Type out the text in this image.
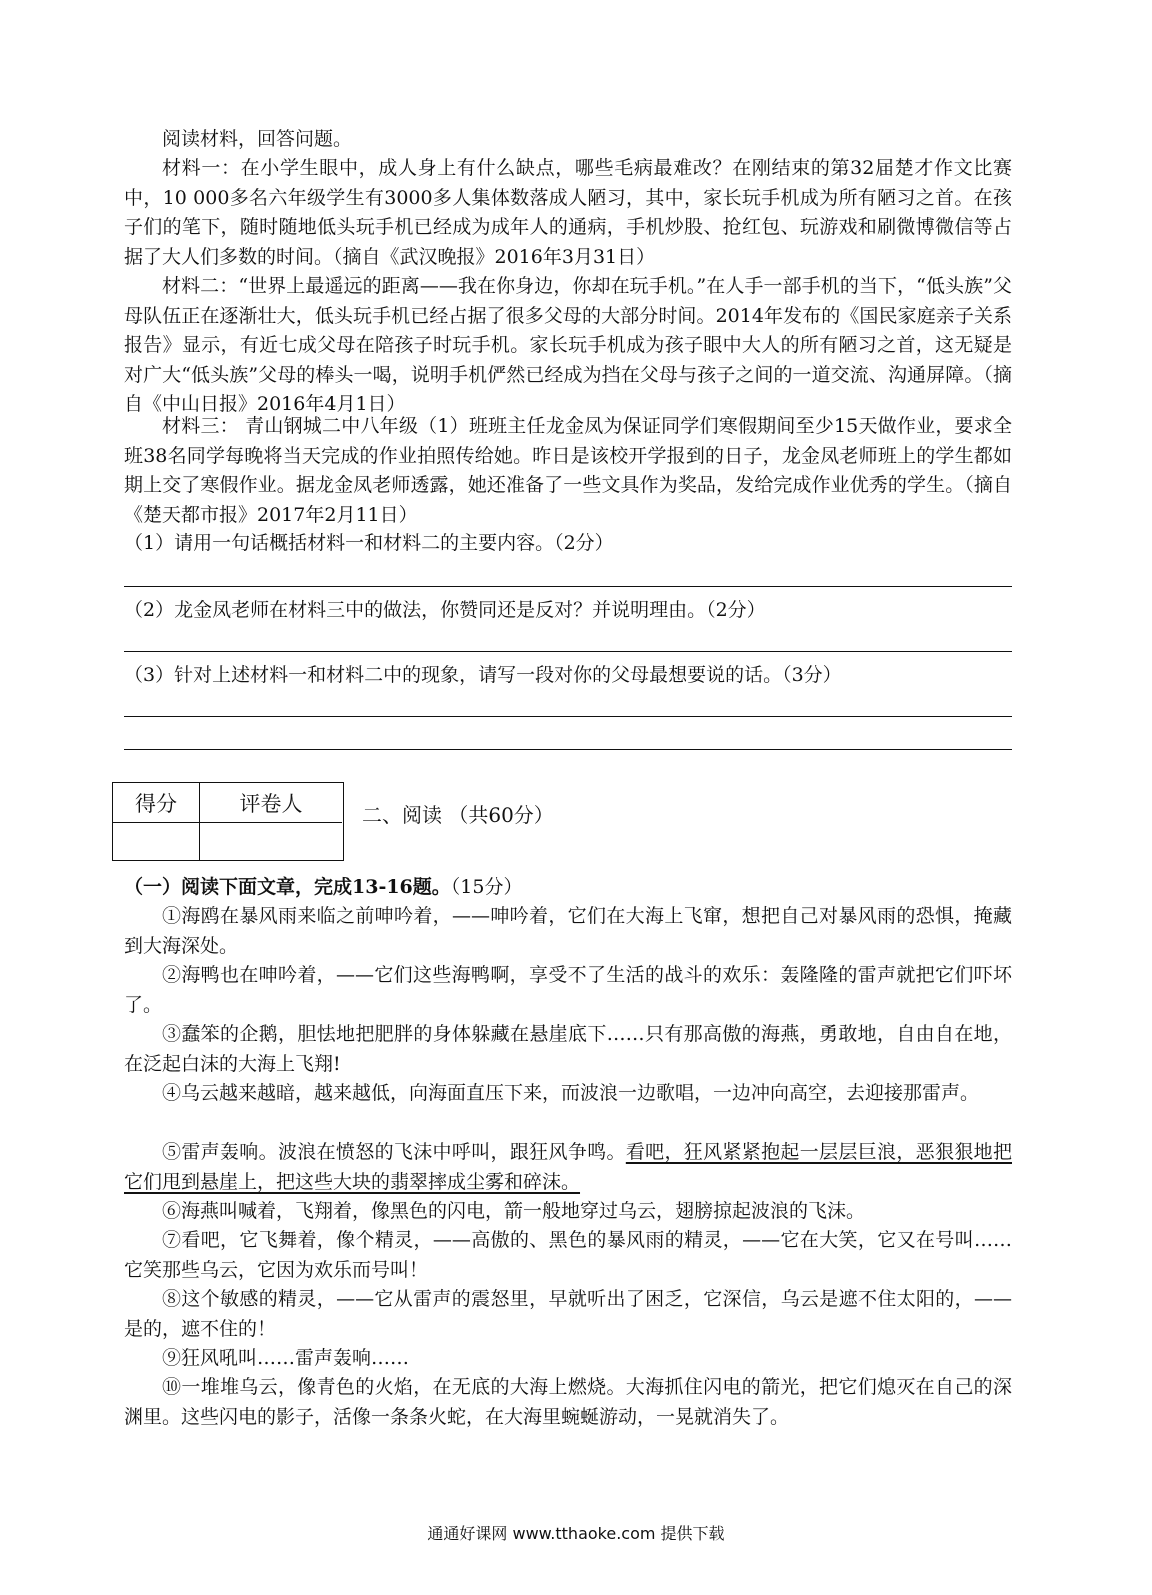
阅读材料，回答问题。

材料一：在小学生眼中，成人身上有什么缺点，哪些毛病最难改？在刚结束的第32届楚才作文比赛中，10 000多名六年级学生有3000多人集体数落成人陋习，其中，家长玩手机成为所有陋习之首。在孩子们的笔下，随时随地低头玩手机已经成为成年人的通病，手机炒股、抢红包、玩游戏和刷微博微信等占据了大人们多数的时间。（摘自《武汉晚报》2016年3月31日）

材料二：“世界上最遥远的距离——我在你身边，你却在玩手机。”在人手一部手机的当下，“低头族”父母队伍正在逐渐壮大，低头玩手机已经占据了很多父母的大部分时间。2014年发布的《国民家庭亲子关系报告》显示，有近七成父母在陪孩子时玩手机。家长玩手机成为孩子眼中大人的所有陋习之首，这无疑是对广大“低头族”父母的棒头一喝，说明手机俨然已经成为挡在父母与孩子之间的一道交流、沟通屏障。（摘自《中山日报》2016年4月1日）

材料三： 青山钢城二中八年级（1）班班主任龙金凤为保证同学们寒假期间至少15天做作业，要求全班38名同学每晚将当天完成的作业拍照传给她。昨日是该校开学报到的日子，龙金凤老师班上的学生都如期上交了寒假作业。据龙金凤老师透露，她还准备了一些文具作为奖品，发给完成作业优秀的学生。（摘自《楚天都市报》2017年2月11日）

（1）请用一句话概括材料一和材料二的主要内容。（2分）

（2）龙金凤老师在材料三中的做法，你赞同还是反对？并说明理由。（2分）

（3）针对上述材料一和材料二中的现象，请写一段对你的父母最想要说的话。（3分）

得分	评卷人	二、阅读 （共60分）

（一）阅读下面文章，完成13-16题。（15分）

①海鸥在暴风雨来临之前呻吟着，——呻吟着，它们在大海上飞窜，想把自己对暴风雨的恐惧，掩藏到大海深处。

②海鸭也在呻吟着，——它们这些海鸭啊，享受不了生活的战斗的欢乐：轰隆隆的雷声就把它们吓坏了。

③蠢笨的企鹅，胆怯地把肥胖的身体躲藏在悬崖底下……只有那高傲的海燕，勇敢地，自由自在地，在泛起白沫的大海上飞翔!

④乌云越来越暗，越来越低，向海面直压下来，而波浪一边歌唱，一边冲向高空，去迎接那雷声。

⑤雷声轰响。波浪在愤怒的飞沫中呼叫，跟狂风争鸣。看吧，狂风紧紧抱起一层层巨浪，恶狠狠地把它们甩到悬崖上，把这些大块的翡翠摔成尘雾和碎沫。

⑥海燕叫喊着，飞翔着，像黑色的闪电，箭一般地穿过乌云，翅膀掠起波浪的飞沫。

⑦看吧，它飞舞着，像个精灵，——高傲的、黑色的暴风雨的精灵，——它在大笑，它又在号叫……它笑那些乌云，它因为欢乐而号叫！

⑧这个敏感的精灵，——它从雷声的震怒里，早就听出了困乏，它深信，乌云是遮不住太阳的，——是的，遮不住的！

⑨狂风吼叫……雷声轰响……

⑩一堆堆乌云，像青色的火焰，在无底的大海上燃烧。大海抓住闪电的箭光，把它们熄灭在自己的深渊里。这些闪电的影子，活像一条条火蛇，在大海里蜿蜒游动，一晃就消失了。

通通好课网 www.tthaoke.com 提供下载
